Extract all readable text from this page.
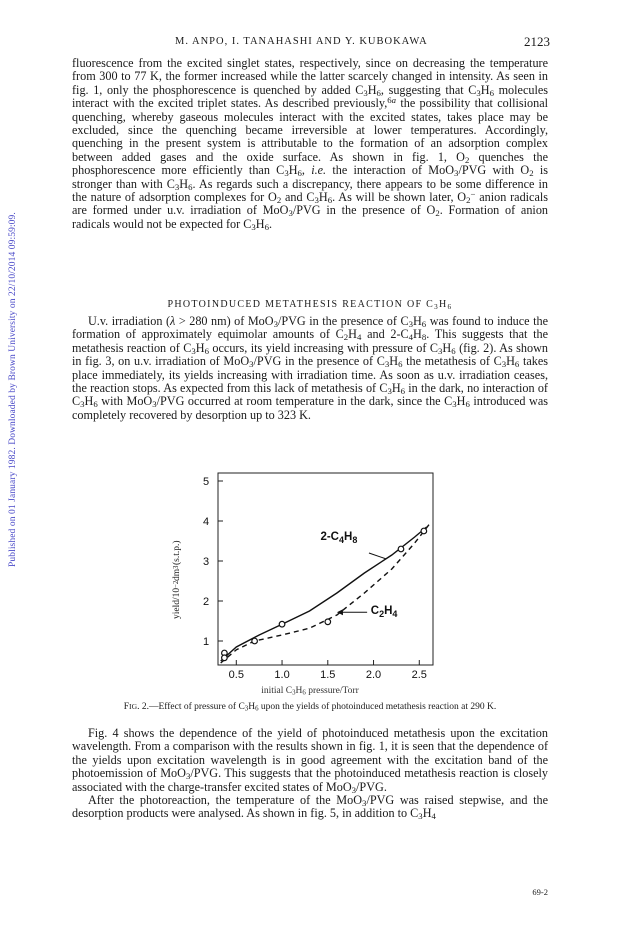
Published on 01 January 1982. Downloaded by Brown University on 22/10/2014 09:59:09.
M. ANPO, I. TANAHASHI AND Y. KUBOKAWA	2123

fluorescence from the excited singlet states, respectively, since on decreasing the temperature from 300 to 77 K, the former increased while the latter scarcely changed in intensity. As seen in fig. 1, only the phosphorescence is quenched by added $C_3H_6$, suggesting that $C_3H_6$ molecules interact with the excited triplet states. As described previously,$^{6a}$ the possibility that collisional quenching, whereby gaseous molecules interact with the excited states, takes place may be excluded, since the quenching became irreversible at lower temperatures. Accordingly, quenching in the present system is attributable to the formation of an adsorption complex between added gases and the oxide surface. As shown in fig. 1, $O_2$ quenches the phosphorescence more efficiently than $C_3H_6$, i.e. the interaction of MoO$_3$/PVG with $O_2$ is stronger than with $C_3H_6$. As regards such a discrepancy, there appears to be some difference in the nature of adsorption complexes for $O_2$ and $C_3H_6$. As will be shown later, $O_2^-$ anion radicals are formed under u.v. irradiation of MoO$_3$/PVG in the presence of $O_2$. Formation of anion radicals would not be expected for $C_3H_6$.

PHOTOINDUCED METATHESIS REACTION OF $C_3H_6$

U.v. irradiation (λ > 280 nm) of MoO$_3$/PVG in the presence of $C_3H_6$ was found to induce the formation of approximately equimolar amounts of $C_2H_4$ and $2-C_4H_8$. This suggests that the metathesis reaction of $C_3H_6$ occurs, its yield increasing with pressure of $C_3H_6$ (fig. 2). As shown in fig. 3, on u.v. irradiation of MoO$_3$/PVG in the presence of $C_3H_6$ the metathesis of $C_3H_6$ takes place immediately, its yields increasing with irradiation time. As soon as u.v. irradiation ceases, the reaction stops. As expected from this lack of metathesis of $C_3H_6$ in the dark, no interaction of $C_3H_6$ with MoO$_3$/PVG occurred at room temperature in the dark, since the $C_3H_6$ introduced was completely recovered by desorption up to 323 K.

yield/10
−2
dm
3
(s.t.p.)
0.5	1.0	1.5	2.0	2.5
1
2
3
4
5
$2-C_4H_8$
$C_2H_4$
initial $C_3H_6$ pressure/Torr
FIG. 2.—Effect of pressure of $C_3H_6$ upon the yields of photoinduced metathesis reaction at 290 K.

Fig. 4 shows the dependence of the yield of photoinduced metathesis upon the excitation wavelength. From a comparison with the results shown in fig. 1, it is seen that the dependence of the yields upon excitation wavelength is in good agreement with the excitation band of the photoemission of MoO$_3$/PVG. This suggests that the photoinduced metathesis reaction is closely associated with the charge-transfer excited states of MoO$_3$/PVG.

After the photoreaction, the temperature of the MoO$_3$/PVG was raised stepwise, and the desorption products were analysed. As shown in fig. 5, in addition to $C_3H_4$

69-2
